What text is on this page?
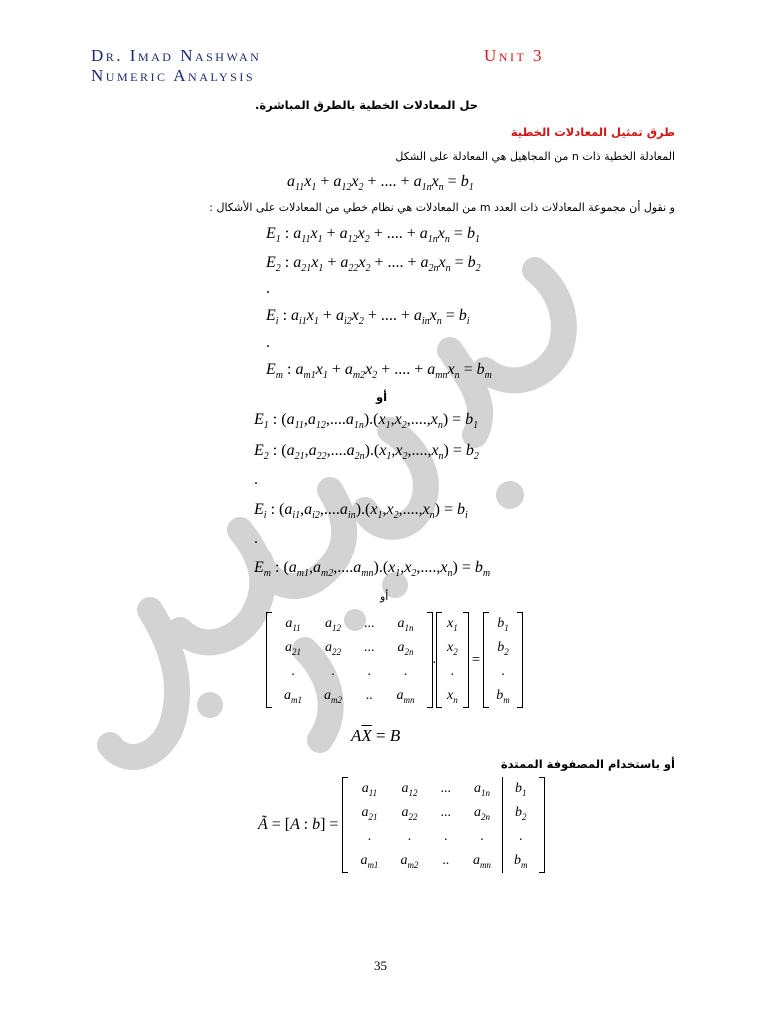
Dr. Imad Nashwan
Numeric Analysis
Unit 3
حل المعادلات الخطية بالطرق المباشرة.
طرق تمثيل المعادلات الخطية
المعادلة الخطية ذات n من المجاهيل هي المعادلة على الشكل
$a_{11}x_1 + a_{12}x_2$ + .... + $a_{1n}x_n = b_1$
و نقول أن مجموعة المعادلات ذات العدد m من المعادلات هي نظام خطي من المعادلات على الأشكال :
$E_1$ : $a_{11}x_1 + a_{12}x_2$ + .... + $a_{1n}x_n = b_1$
$E_2$ : $a_{21}x_1 + a_{22}x_2$ + .... + $a_{2n}x_n = b_2$
.
$E_i$ : $a_{i1}x_1 + a_{i2}x_2$ + .... + $a_{in}x_n = b_i$
.
$E_m$ : $a_{m1}x_1 + a_{m2}x_2$ + .... + $a_{mn}x_n = b_m$
أو
$E_1$ : $(a_{11},a_{12},....a_{1n}).(x_1,x_2,....,x_n) = b_1$
$E_2$ : $(a_{21},a_{22},....a_{2n}).(x_1,x_2,....,x_n) = b_2$
.
$E_i$ : $(a_{i1},a_{i2},....a_{in}).(x_1,x_2,....,x_n) = b_i$
.
$E_m$ : $(a_{m1},a_{m2},....a_{mn}).(x_1,x_2,....,x_n) = b_m$
أو
$a_{11}$	$a_{12}$	...	$a_{1n}$
$a_{21}$	$a_{22}$	...	$a_{2n}$
.	.	.	.
$a_{m1}$	$a_{m2}$	..	$a_{mn}$
.
$x_1$
$x_2$
.
$x_n$
=
$b_1$
$b_2$
.
$b_m$
$A\overline{X} = B$
أو باستخدام المصفوفة الممتدة
Ã = [A : b] =
$a_{11}$	$a_{12}$	...	$a_{1n}$	$b_1$
$a_{21}$	$a_{22}$	...	$a_{2n}$	$b_2$
.	.	.	.	.
$a_{m1}$	$a_{m2}$	..	$a_{mn}$	$b_m$
35
